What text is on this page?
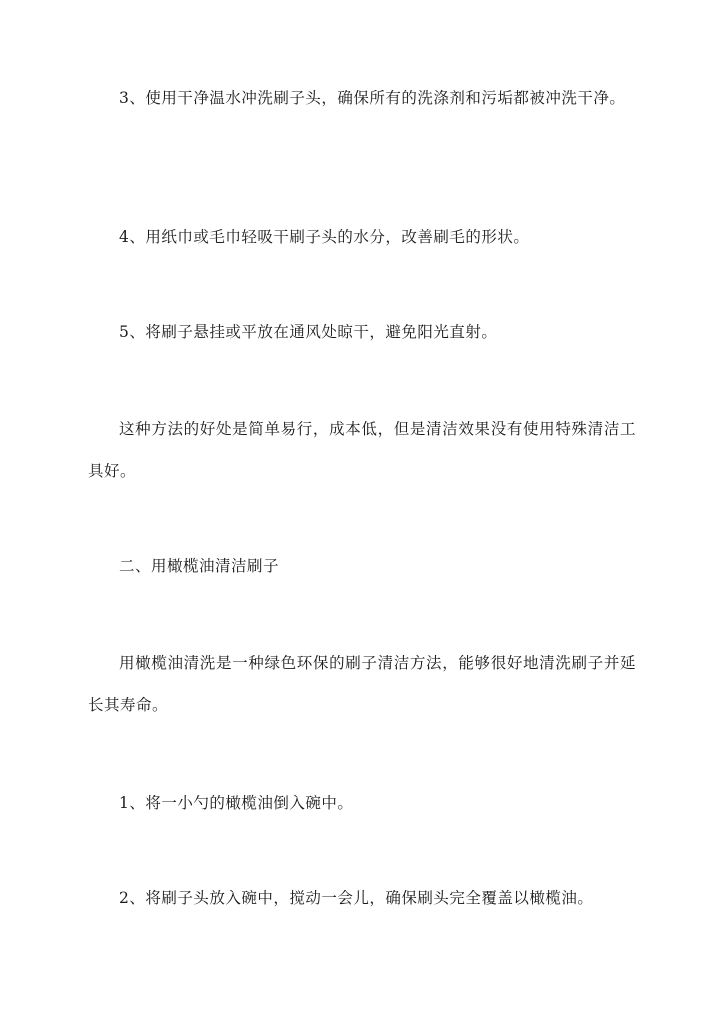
3、使用干净温水冲洗刷子头，确保所有的洗涤剂和污垢都被冲洗干净。

4、用纸巾或毛巾轻吸干刷子头的水分，改善刷毛的形状。

5、将刷子悬挂或平放在通风处晾干，避免阳光直射。

这种方法的好处是简单易行，成本低，但是清洁效果没有使用特殊清洁工具好。

二、用橄榄油清洁刷子

用橄榄油清洗是一种绿色环保的刷子清洁方法，能够很好地清洗刷子并延长其寿命。

1、将一小勺的橄榄油倒入碗中。

2、将刷子头放入碗中，搅动一会儿，确保刷头完全覆盖以橄榄油。
